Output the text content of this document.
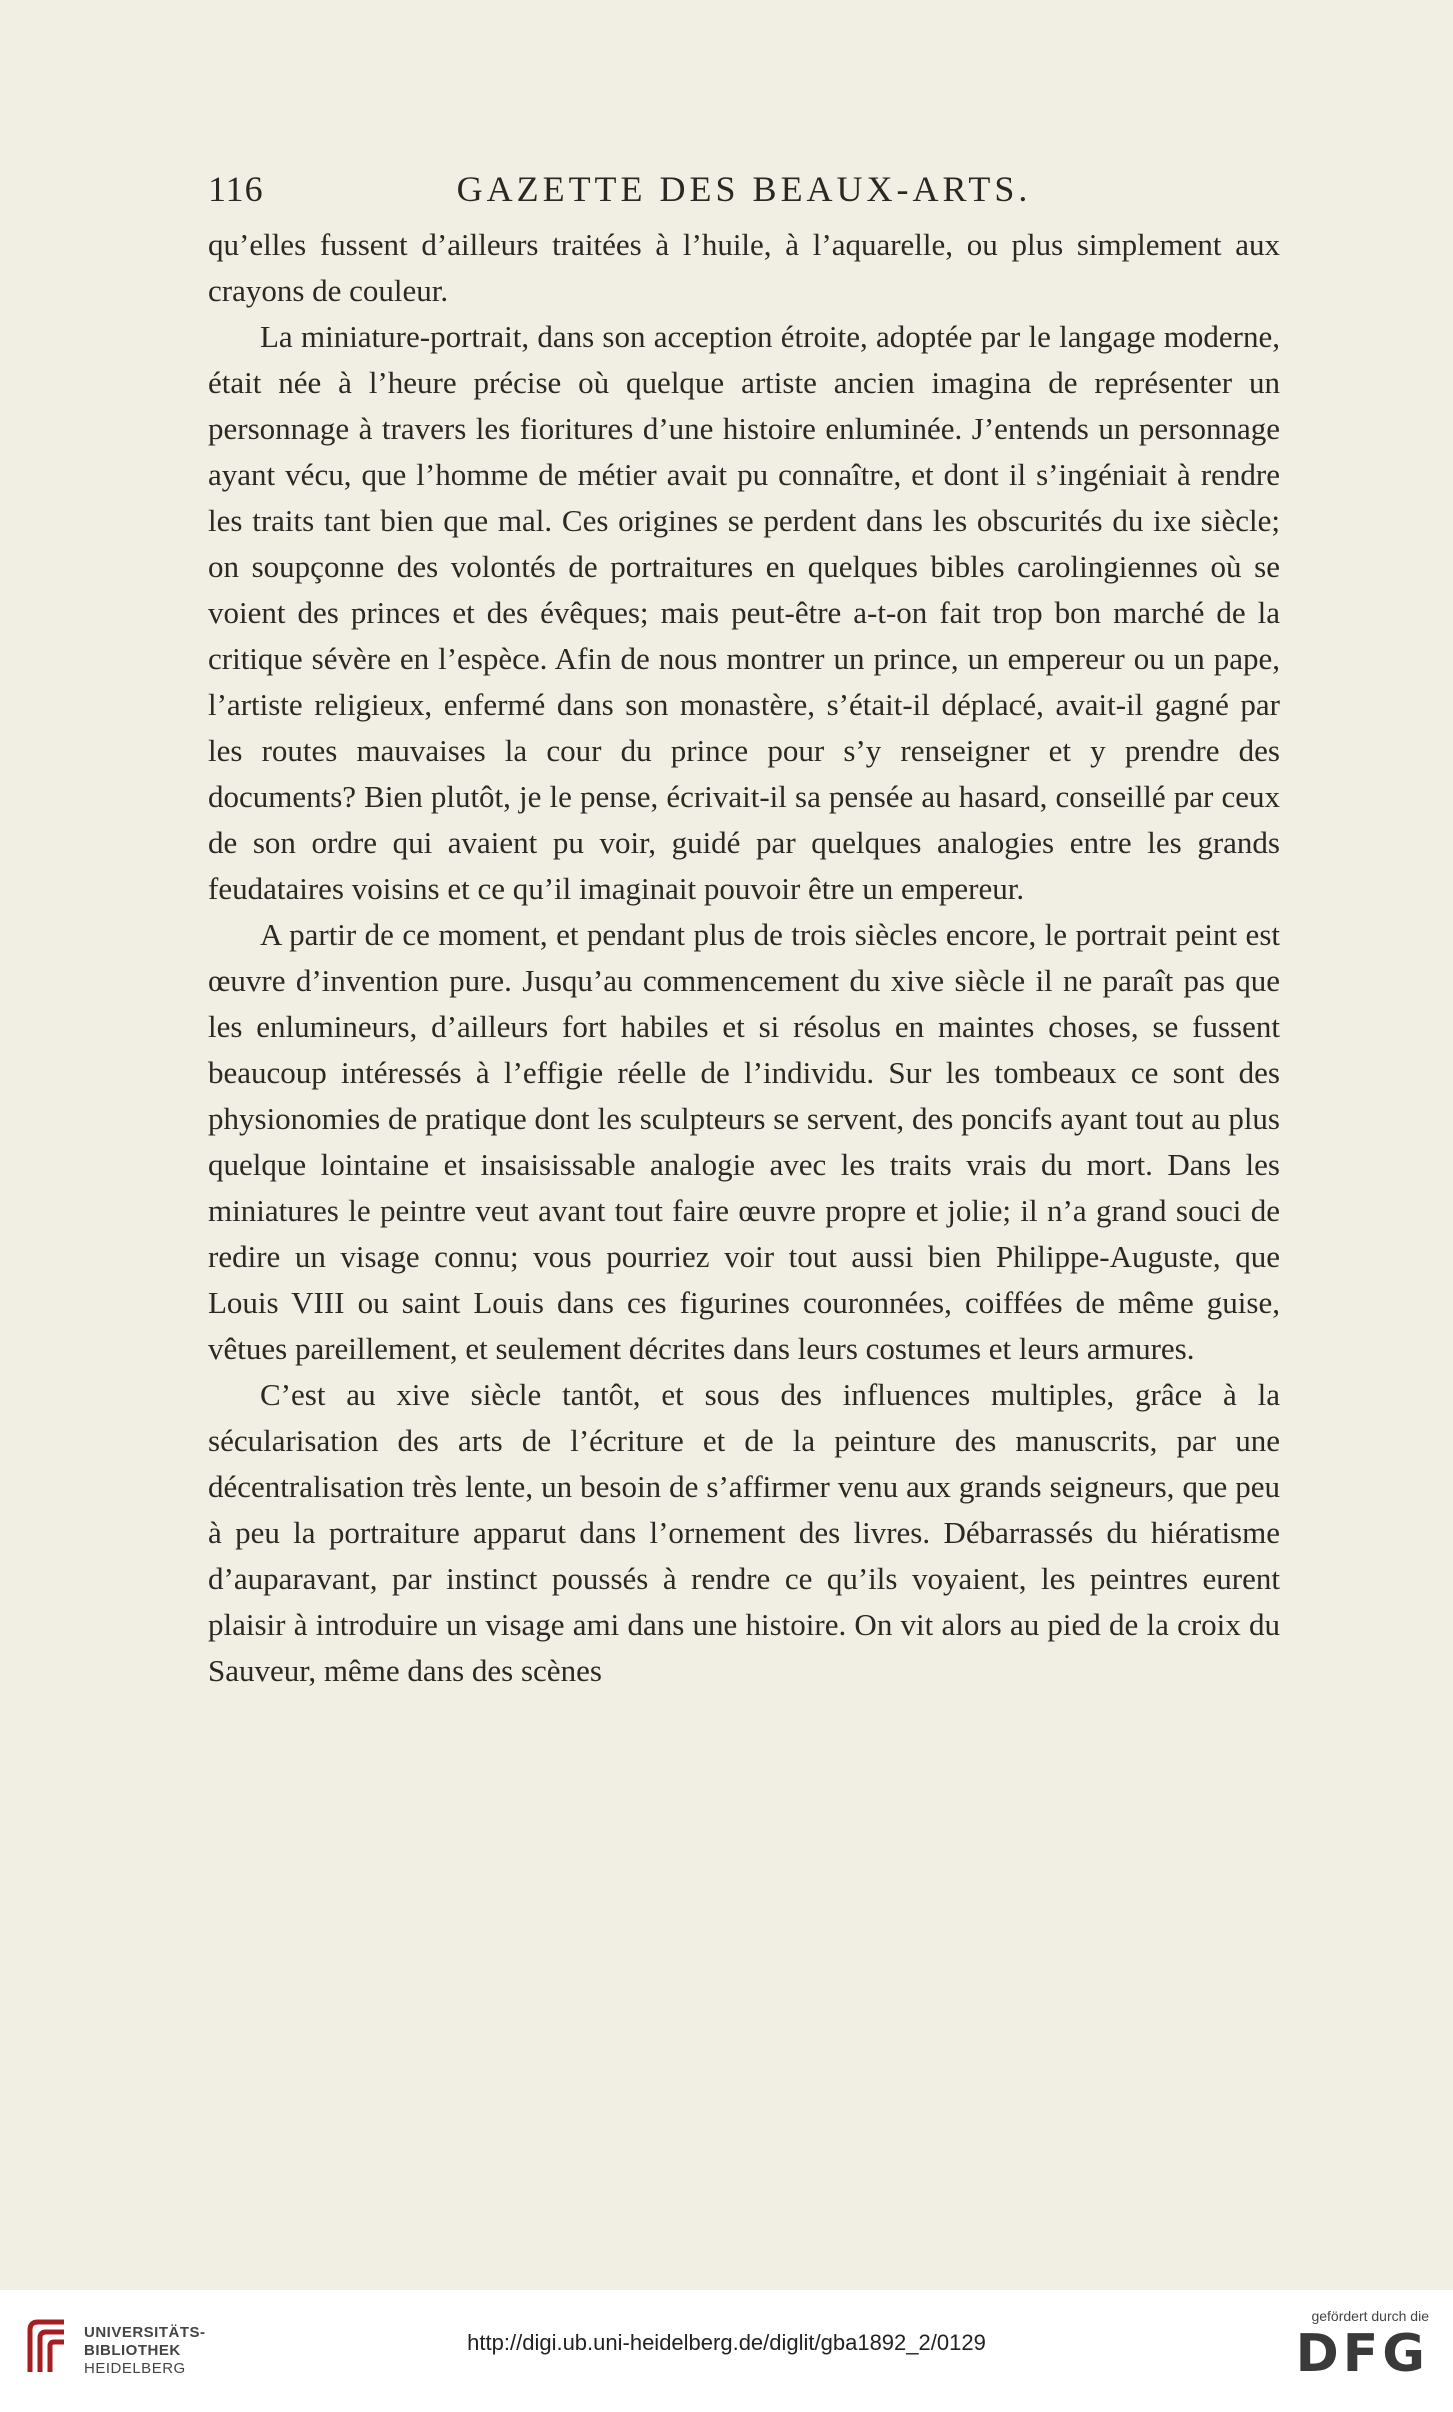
116	GAZETTE DES BEAUX-ARTS.

qu’elles fussent d’ailleurs traitées à l’huile, à l’aquarelle, ou plus simplement aux crayons de couleur.

La miniature-portrait, dans son acception étroite, adoptée par le langage moderne, était née à l’heure précise où quelque artiste ancien imagina de représenter un personnage à travers les fioritures d’une histoire enluminée. J’entends un personnage ayant vécu, que l’homme de métier avait pu connaître, et dont il s’ingéniait à rendre les traits tant bien que mal. Ces origines se perdent dans les obscurités du ixe siècle; on soupçonne des volontés de portraitures en quelques bibles carolingiennes où se voient des princes et des évêques; mais peut-être a-t-on fait trop bon marché de la critique sévère en l’espèce. Afin de nous montrer un prince, un empereur ou un pape, l’artiste religieux, enfermé dans son monastère, s’était-il déplacé, avait-il gagné par les routes mauvaises la cour du prince pour s’y renseigner et y prendre des documents? Bien plutôt, je le pense, écrivait-il sa pensée au hasard, conseillé par ceux de son ordre qui avaient pu voir, guidé par quelques analogies entre les grands feudataires voisins et ce qu’il imaginait pouvoir être un empereur.

A partir de ce moment, et pendant plus de trois siècles encore, le portrait peint est œuvre d’invention pure. Jusqu’au commencement du xive siècle il ne paraît pas que les enlumineurs, d’ailleurs fort habiles et si résolus en maintes choses, se fussent beaucoup intéressés à l’effigie réelle de l’individu. Sur les tombeaux ce sont des physionomies de pratique dont les sculpteurs se servent, des poncifs ayant tout au plus quelque lointaine et insaisissable analogie avec les traits vrais du mort. Dans les miniatures le peintre veut avant tout faire œuvre propre et jolie; il n’a grand souci de redire un visage connu; vous pourriez voir tout aussi bien Philippe-Auguste, que Louis VIII ou saint Louis dans ces figurines couronnées, coiffées de même guise, vêtues pareillement, et seulement décrites dans leurs costumes et leurs armures.

C’est au xive siècle tantôt, et sous des influences multiples, grâce à la sécularisation des arts de l’écriture et de la peinture des manuscrits, par une décentralisation très lente, un besoin de s’affirmer venu aux grands seigneurs, que peu à peu la portraiture apparut dans l’ornement des livres. Débarrassés du hiératisme d’auparavant, par instinct poussés à rendre ce qu’ils voyaient, les peintres eurent plaisir à introduire un visage ami dans une histoire. On vit alors au pied de la croix du Sauveur, même dans des scènes

UNIVERSITÄTS-
BIBLIOTHEK
HEIDELBERG
http://digi.ub.uni-heidelberg.de/diglit/gba1892_2/0129
gefördert durch die
DFG
